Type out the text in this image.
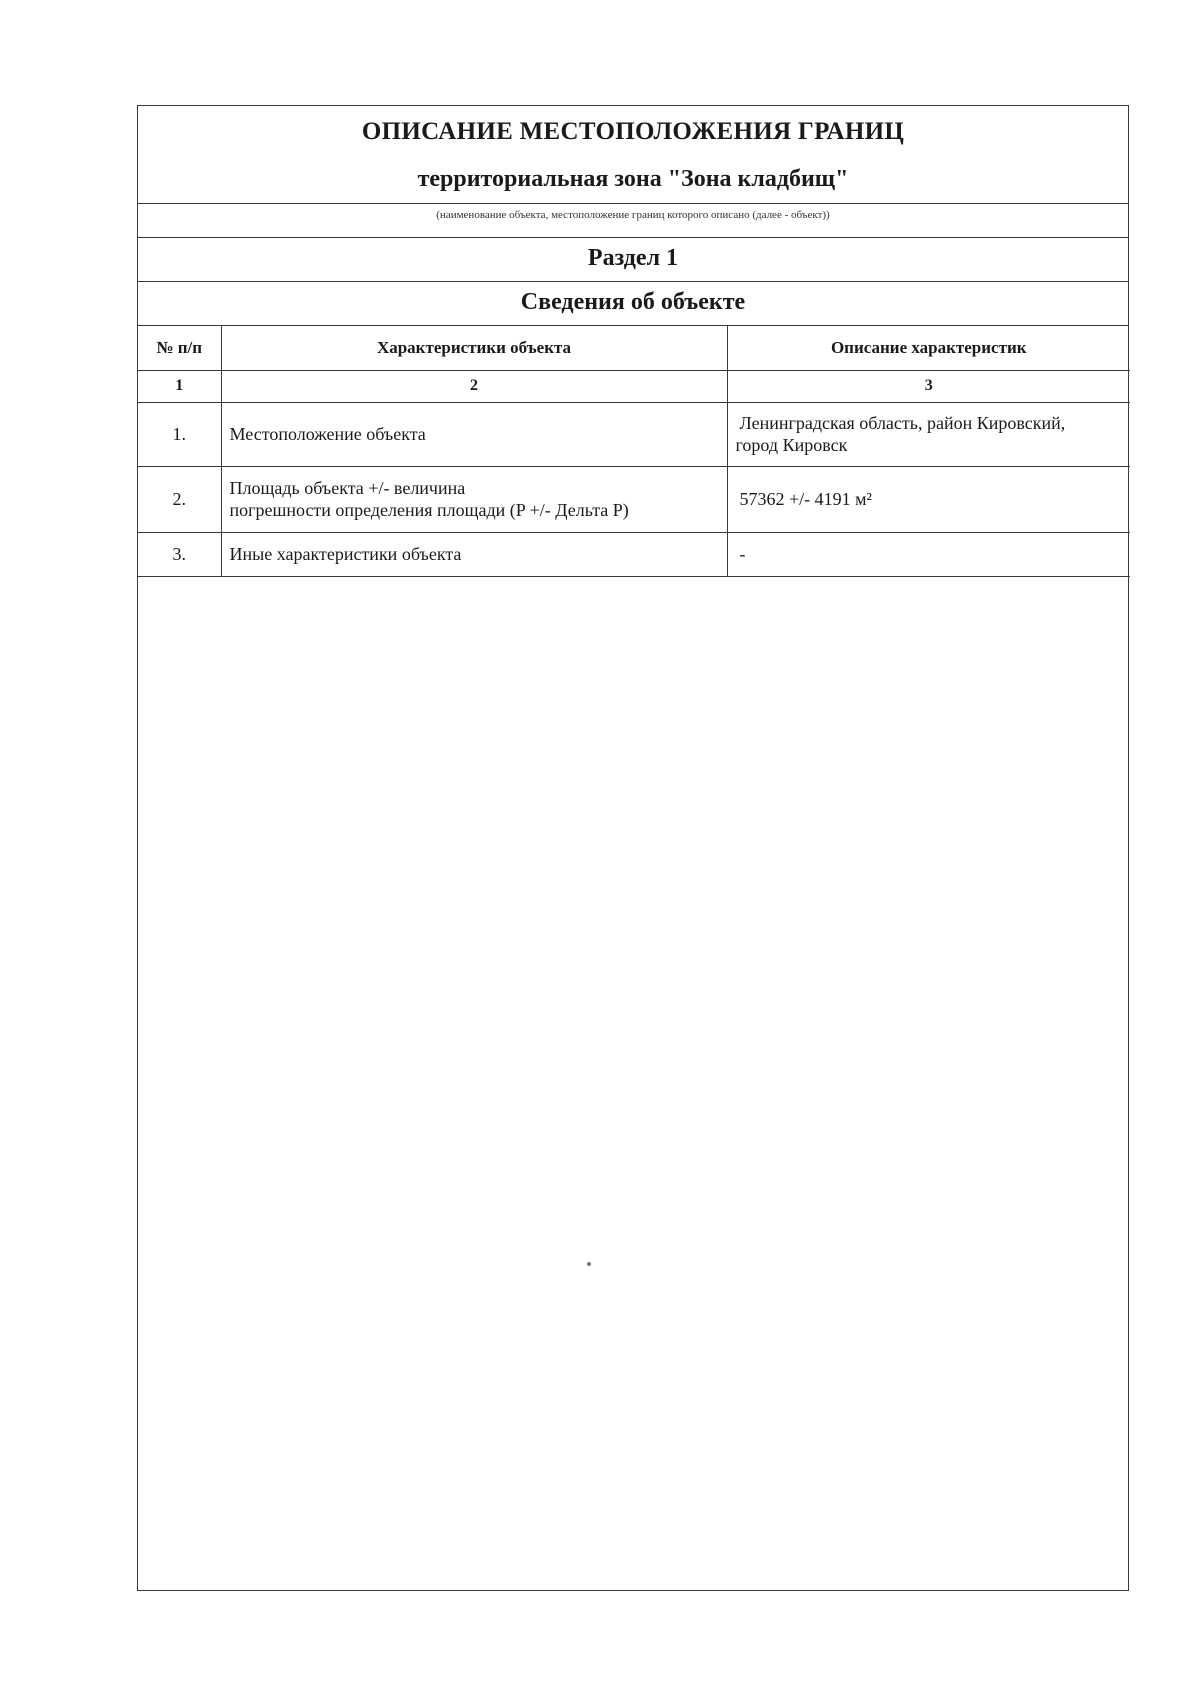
ОПИСАНИЕ МЕСТОПОЛОЖЕНИЯ ГРАНИЦ
территориальная зона "Зона кладбищ"
(наименование объекта, местоположение границ которого описано (далее - объект))
Раздел 1
Сведения об объекте
№ п/п	Характеристики объекта	Описание характеристик
1	2	3
1.	Местоположение объекта	Ленинградская область, район Кировский,
город Кировск

2.	Площадь объекта +/- величина
погрешности определения площади (P +/- Дельта P)	57362 +/- 4191 м²
3.	Иные характеристики объекта	-
